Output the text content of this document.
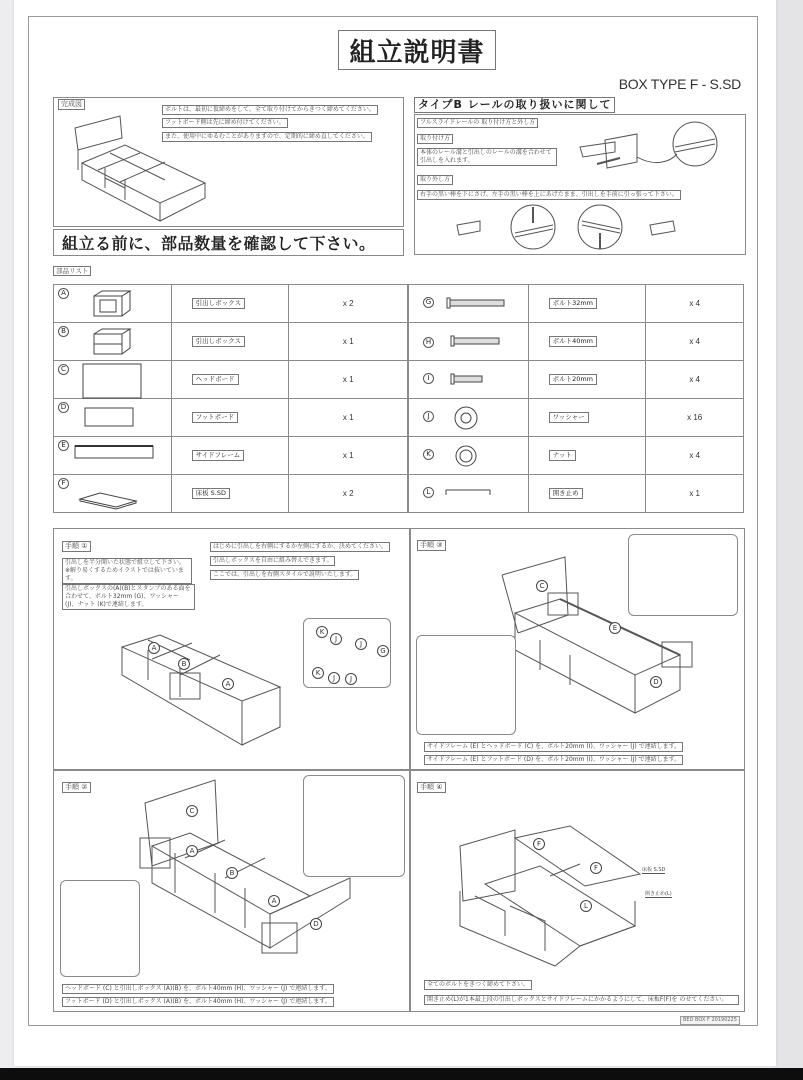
組立説明書
BOX TYPE F - S.SD
完成図
ボルトは、最初に仮締めをして、全て取り付けてからきつく締めてください。
フットボード側は先に締め付けてください。
また、使用中にゆるむことがありますので、定期的に締め直してください。
組立る前に、部品数量を確認して下さい。
タイプB レールの取り扱いに関して
フルスライドレールの 取り付け方と外し方
取り付け方
本体のレール溝と引出しのレールの溝を合わせて引出しを入れます。
取り外し方
右手の黒い棒を下にさげ、左手の黒い棒を上にあげたまま、引出しを手前に引っ張って下さい。
部品リスト
A	引出しボックス	x 2

B	引出しボックス	x 1

C	ヘッドボード	x 1

D	フットボード	x 1

E	サイドフレーム	x 1

F	床板 S.SD	x 2
G	ボルト32mm	x 4

H	ボルト40mm	x 4

I	ボルト20mm	x 4

J	ワッシャー	x 16

K	ナット	x 4

L	開き止め	x 1
手順 ①
引出しを半分開いた状態で組立して下さい。 ※解り易くするためイラストでは抜いています。
引出しボックスの(A)(B)とスタンプのある面を合わせて、ボルト32mm (G)、ワッシャー (J)、ナット (K)で連結します。
はじめに引出しを右側にするか左側にするか、決めてください。
引出しボックスを自由に組み替えできます。
ここでは、引出しを右側スタイルで説明いたします。
A
B
A
K
J
J
G
K
J	J
手順 ③
C
E
D
サイドフレーム (E) とヘッドボード (C) を、ボルト20mm (I)、ワッシャー (J) で連結します。
サイドフレーム (E) とフットボード (D) を、ボルト20mm (I)、ワッシャー (J) で連結します。
手順 ②
C
A
B
A
D
ヘッドボード (C) と引出しボックス (A)(B) を、ボルト40mm (H)、ワッシャー (J) で連結します。
フットボード (D) と引出しボックス (A)(B) を、ボルト40mm (H)、ワッシャー (J) で連結します。
手順 ④
F
F
L
床板 S.SD
開き止め(L)
全てのボルトをきつく締めて下さい。
開き止め(L)が1本最上段の引出しボックスとサイドフレームにかかるようにして、床板F(F)を のせてください。
BED BOX F 20190225
